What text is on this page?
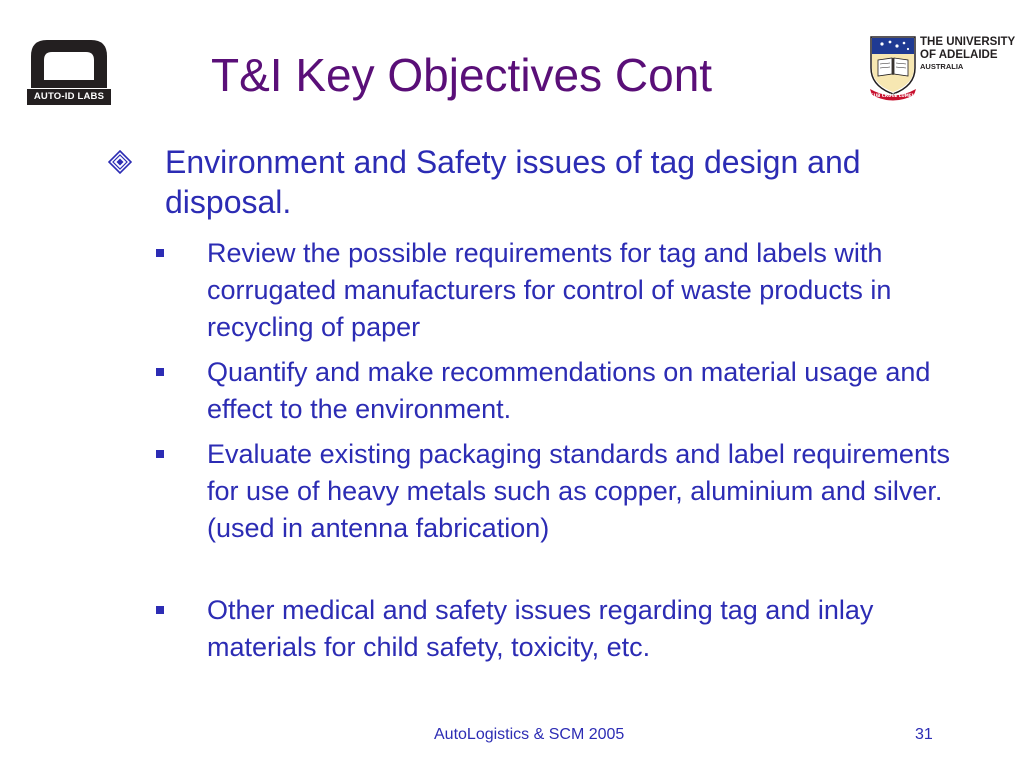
AUTO-ID LABS T&I Key Objectives Cont	SUB CRUCE LUMEN
THE UNIVERSITY
OF ADELAIDE
AUSTRALIA
Environment and Safety issues of tag design and disposal.
Review the possible requirements for tag and labels with corrugated manufacturers for control of waste products in recycling of paper
Quantify and make recommendations on material usage and effect to the environment.
Evaluate existing packaging standards and label requirements for use of heavy metals such as copper, aluminium and silver. (used in antenna fabrication)
Other medical and safety issues regarding tag and inlay materials for child safety, toxicity, etc.
AutoLogistics & SCM 2005	31
